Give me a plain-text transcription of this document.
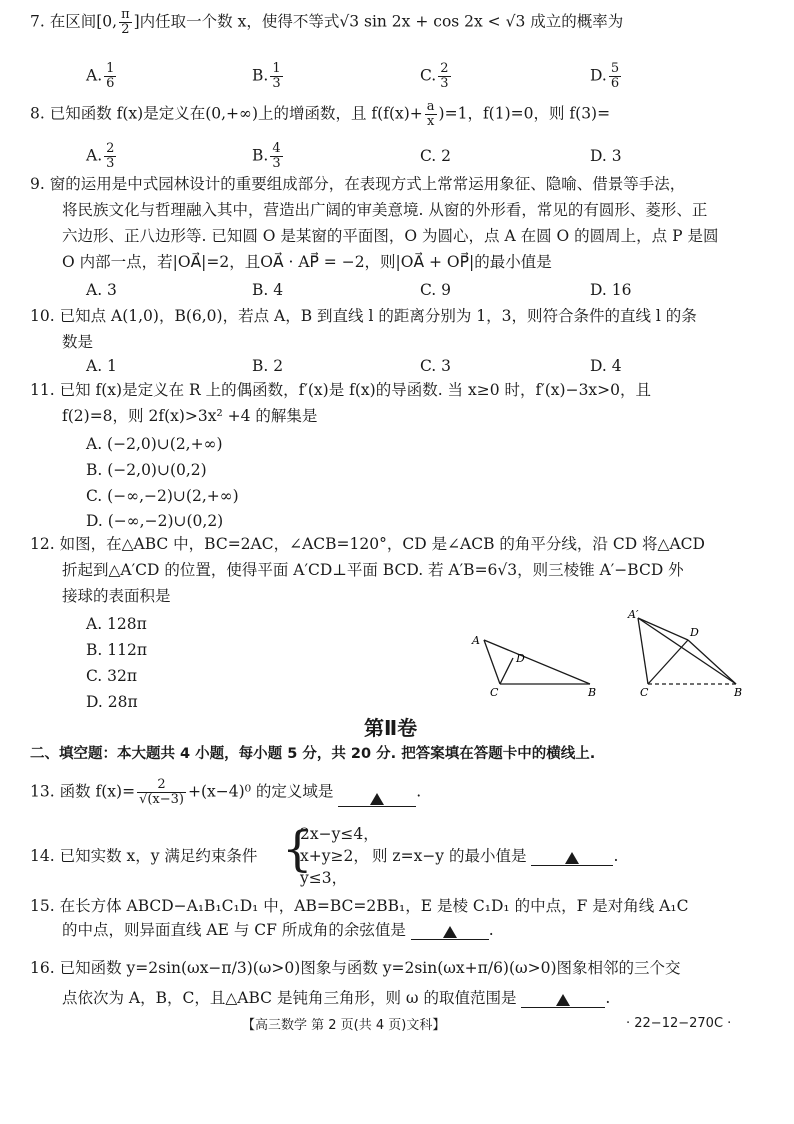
7. 在区间[0, $\frac{\pi}{2}$ ]内任取一个数 x，使得不等式√3 sin 2x + cos 2x < √3 成立的概率为
A. $\frac{1}{6}$	B. $\frac{1}{3}$	C. $\frac{2}{3}$	D. $\frac{5}{6}$
8. 已知函数 f(x)是定义在(0,+∞)上的增函数，且 $f(f(x)+ \frac{a}{x} )=1$，f(1)=0，则 f(3)=
A. $\frac{2}{3}$	B. $\frac{4}{3}$	C. 2	D. 3
9. 窗的运用是中式园林设计的重要组成部分，在表现方式上常常运用象征、隐喻、借景等手法，
将民族文化与哲理融入其中，营造出广阔的审美意境. 从窗的外形看，常见的有圆形、菱形、正
六边形、正八边形等. 已知圆 O 是某窗的平面图，O 为圆心，点 A 在圆 O 的圆周上，点 P 是圆
O 内部一点，若|OA⃗|=2，且OA⃗ · AP⃗ = −2，则|OA⃗ + OP⃗|的最小值是
A. 3	B. 4	C. 9	D. 16
10. 已知点 A(1,0)，B(6,0)，若点 A，B 到直线 l 的距离分别为 1，3，则符合条件的直线 l 的条
数是
A. 1	B. 2	C. 3	D. 4
11. 已知 f(x)是定义在 R 上的偶函数，f′(x)是 f(x)的导函数. 当 x≥0 时，f′(x)−3x>0，且
f(2)=8，则 2f(x)>3x² +4 的解集是
A. (−2,0)∪(2,+∞)
B. (−2,0)∪(0,2)
C. (−∞,−2)∪(2,+∞)
D. (−∞,−2)∪(0,2)
12. 如图，在△ABC 中，BC=2AC，∠ACB=120°，CD 是∠ACB 的角平分线，沿 CD 将△ACD
折起到△A′CD 的位置，使得平面 A′CD⊥平面 BCD. 若 A′B=6√3，则三棱锥 A′−BCD 外
接球的表面积是
A. 128π
B. 112π
C. 32π
D. 28π
A
D
C	B
A′
D
C	B
第Ⅱ卷
二、填空题：本大题共 4 小题，每小题 5 分，共 20 分. 把答案填在答题卡中的横线上.
13. 函数 $f(x)= \frac{2}{√(x-3)} +(x-4)^0$ 的定义域是	.
14. 已知实数 x，y 满足约束条件 {
2x−y≤4，
x+y≥2，
y≤3，
则 z=x−y 的最小值是	.
15. 在长方体 ABCD−A₁B₁C₁D₁ 中，AB=BC=2BB₁，E 是棱 C₁D₁ 的中点，F 是对角线 A₁C
的中点，则异面直线 AE 与 CF 所成角的余弦值是	.
16. 已知函数 y=2sin(ωx−π/3)(ω>0)图象与函数 y=2sin(ωx+π/6)(ω>0)图象相邻的三个交
点依次为 A，B，C，且△ABC 是钝角三角形，则 ω 的取值范围是	.
【高三数学 第 2 页(共 4 页)文科】	· 22−12−270C ·
